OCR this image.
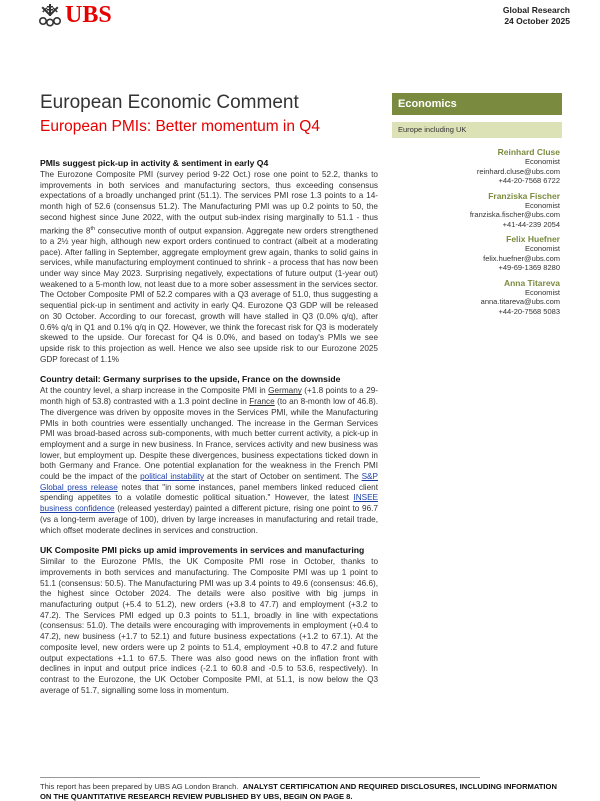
UBS	Global Research
24 October 2025
European Economic Comment
European PMIs: Better momentum in Q4
Economics
Europe including UK
Reinhard Cluse
Economist
reinhard.cluse@ubs.com
+44-20-7568 6722
Franziska Fischer
Economist
franziska.fischer@ubs.com
+41-44-239 2054
Felix Huefner
Economist
felix.huefner@ubs.com
+49-69-1369 8280
Anna Titareva
Economist
anna.titareva@ubs.com
+44-20-7568 5083
PMIs suggest pick-up in activity & sentiment in early Q4

The Eurozone Composite PMI (survey period 9-22 Oct.) rose one point to 52.2, thanks to improvements in both services and manufacturing sectors, thus exceeding consensus expectations of a broadly unchanged print (51.1). The services PMI rose 1.3 points to a 14-month high of 52.6 (consensus 51.2). The Manufacturing PMI was up 0.2 points to 50, the second highest since June 2022, with the output sub-index rising marginally to 51.1 - thus marking the 8th consecutive month of output expansion. Aggregate new orders strengthened to a 2½ year high, although new export orders continued to contract (albeit at a moderating pace). After falling in September, aggregate employment grew again, thanks to solid gains in services, while manufacturing employment continued to shrink - a process that has now been under way since May 2023. Surprising negatively, expectations of future output (1-year out) weakened to a 5-month low, not least due to a more sober assessment in the services sector. The October Composite PMI of 52.2 compares with a Q3 average of 51.0, thus suggesting a sequential pick-up in sentiment and activity in early Q4. Eurozone Q3 GDP will be released on 30 October. According to our forecast, growth will have stalled in Q3 (0.0% q/q), after 0.6% q/q in Q1 and 0.1% q/q in Q2. However, we think the forecast risk for Q3 is moderately skewed to the upside. Our forecast for Q4 is 0.0%, and based on today's PMIs we see upside risk to this projection as well. Hence we also see upside risk to our Eurozone 2025 GDP forecast of 1.1%

Country detail: Germany surprises to the upside, France on the downside

At the country level, a sharp increase in the Composite PMI in Germany (+1.8 points to a 29-month high of 53.8) contrasted with a 1.3 point decline in France (to an 8-month low of 46.8). The divergence was driven by opposite moves in the Services PMI, while the Manufacturing PMIs in both countries were essentially unchanged. The increase in the German Services PMI was broad-based across sub-components, with much better current activity, a pick-up in employment and a surge in new business. In France, services activity and new business was lower, but employment up. Despite these divergences, business expectations ticked down in both Germany and France. One potential explanation for the weakness in the French PMI could be the impact of the political instability at the start of October on sentiment. The S&P Global press release notes that "in some instances, panel members linked reduced client spending appetites to a volatile domestic political situation." However, the latest INSEE business confidence (released yesterday) painted a different picture, rising one point to 96.7 (vs a long-term average of 100), driven by large increases in manufacturing and retail trade, which offset moderate declines in services and construction.

UK Composite PMI picks up amid improvements in services and manufacturing

Similar to the Eurozone PMIs, the UK Composite PMI rose in October, thanks to improvements in both services and manufacturing. The Composite PMI was up 1 point to 51.1 (consensus: 50.5). The Manufacturing PMI was up 3.4 points to 49.6 (consensus: 46.6), the highest since October 2024. The details were also positive with big jumps in manufacturing output (+5.4 to 51.2), new orders (+3.8 to 47.7) and employment (+3.2 to 47.2). The Services PMI edged up 0.3 points to 51.1, broadly in line with expectations (consensus: 51.0). The details were encouraging with improvements in employment (+0.4 to 47.2), new business (+1.7 to 52.1) and future business expectations (+1.2 to 67.1). At the composite level, new orders were up 2 points to 51.4, employment +0.8 to 47.2 and future output expectations +1.1 to 67.5. There was also good news on the inflation front with declines in input and output price indices (-2.1 to 60.8 and -0.5 to 53.6, respectively). In contrast to the Eurozone, the UK October Composite PMI, at 51.1, is now below the Q3 average of 51.7, signalling some loss in momentum.

This report has been prepared by UBS AG London Branch. ANALYST CERTIFICATION AND REQUIRED DISCLOSURES, INCLUDING INFORMATION ON THE QUANTITATIVE RESEARCH REVIEW PUBLISHED BY UBS, BEGIN ON PAGE 8.
